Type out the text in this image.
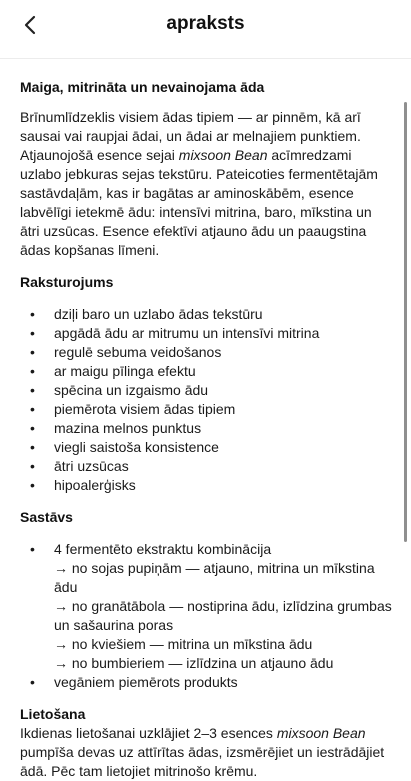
apraksts
Maiga, mitrināta un nevainojama āda

Brīnumlīdzeklis visiem ādas tipiem — ar pinnēm, kā arī sausai vai raupjai ādai, un ādai ar melnajiem punktiem. Atjaunojošā esence sejai mixsoon Bean acīmredzami uzlabo jebkuras sejas tekstūru. Pateicoties fermentētajām sastāvdaļām, kas ir bagātas ar aminoskābēm, esence labvēlīgi ietekmē ādu: intensīvi mitrina, baro, mīkstina un ātri uzsūcas. Esence efektīvi atjauno ādu un paaugstina ādas kopšanas līmeni.

Raksturojums
• dziļi baro un uzlabo ādas tekstūru
• apgādā ādu ar mitrumu un intensīvi mitrina
• regulē sebuma veidošanos
• ar maigu pīlinga efektu
• spēcina un izgaismo ādu
• piemērota visiem ādas tipiem
• mazina melnos punktus
• viegli saistoša konsistence
• ātri uzsūcas
• hipoalerģisks
Sastāvs
• 4 fermentēto ekstraktu kombinācija
→ no sojas pupiņām — atjauno, mitrina un mīkstina ādu
→ no granātābola — nostiprina ādu, izlīdzina grumbas un sašaurina poras
→ no kviešiem — mitrina un mīkstina ādu
→ no bumbieriem — izlīdzina un atjauno ādu
• vegāniem piemērots produkts
Lietošana

Ikdienas lietošanai uzklājiet 2–3 esences mixsoon Bean pumpīša devas uz attīrītas ādas, izsmērējiet un iestrādājiet ādā. Pēc tam lietojiet mitrinošo krēmu.
